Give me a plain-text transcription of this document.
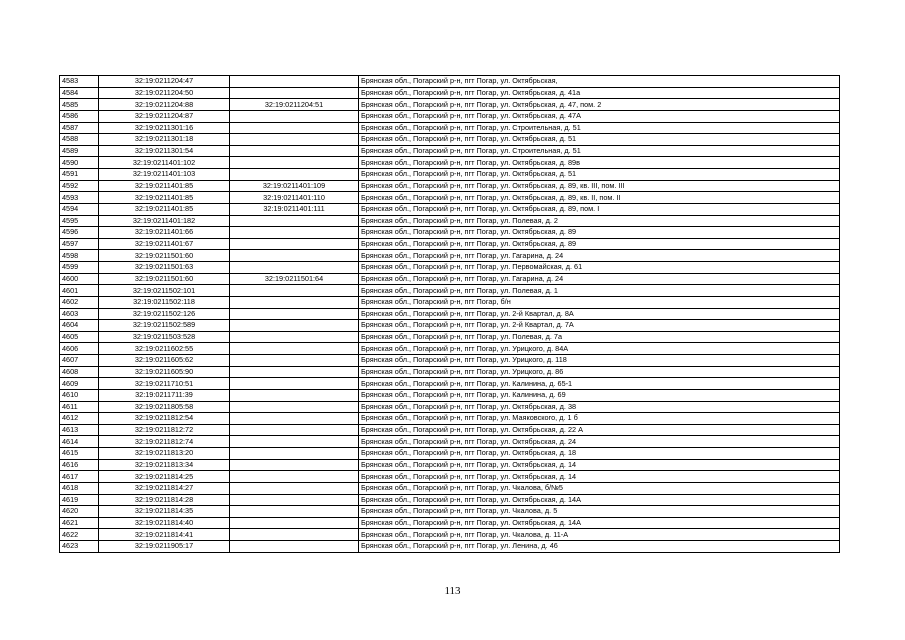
4583	32:19:0211204:47		Брянская обл., Погарский р-н, пгт Погар, ул. Октябрьская,
4584	32:19:0211204:50		Брянская обл., Погарский р-н, пгт Погар, ул. Октябрьская, д. 41а
4585	32:19:0211204:88	32:19:0211204:51	Брянская обл., Погарский р-н, пгт Погар, ул. Октябрьская, д. 47, пом. 2
4586	32:19:0211204:87		Брянская обл., Погарский р-н, пгт Погар, ул. Октябрьская, д. 47А
4587	32:19:0211301:16		Брянская обл., Погарский р-н, пгт Погар, ул. Строительная, д. 51
4588	32:19:0211301:18		Брянская обл., Погарский р-н, пгт Погар, ул. Октябрьская, д. 51
4589	32:19:0211301:54		Брянская обл., Погарский р-н, пгт Погар, ул. Строительная, д. 51
4590	32:19:0211401:102		Брянская обл., Погарский р-н, пгт Погар, ул. Октябрьская, д. 89в
4591	32:19:0211401:103		Брянская обл., Погарский р-н, пгт Погар, ул. Октябрьская, д. 51
4592	32:19:0211401:85	32:19:0211401:109	Брянская обл., Погарский р-н, пгт Погар, ул. Октябрьская, д. 89, кв. III, пом. III
4593	32:19:0211401:85	32:19:0211401:110	Брянская обл., Погарский р-н, пгт Погар, ул. Октябрьская, д. 89, кв. II, пом. II
4594	32:19:0211401:85	32:19:0211401:111	Брянская обл., Погарский р-н, пгт Погар, ул. Октябрьская, д. 89, пом. I
4595	32:19:0211401:182		Брянская обл., Погарский р-н, пгт Погар, ул. Полевая, д. 2
4596	32:19:0211401:66		Брянская обл., Погарский р-н, пгт Погар, ул. Октябрьская, д. 89
4597	32:19:0211401:67		Брянская обл., Погарский р-н, пгт Погар, ул. Октябрьская, д. 89
4598	32:19:0211501:60		Брянская обл., Погарский р-н, пгт Погар, ул. Гагарина, д. 24
4599	32:19:0211501:63		Брянская обл., Погарский р-н, пгт Погар, ул. Первомайская, д. 61
4600	32:19:0211501:60	32:19:0211501:64	Брянская обл., Погарский р-н, пгт Погар, ул. Гагарина, д. 24
4601	32:19:0211502:101		Брянская обл., Погарский р-н, пгт Погар, ул. Полевая, д. 1
4602	32:19:0211502:118		Брянская обл., Погарский р-н, пгт Погар, б/н
4603	32:19:0211502:126		Брянская обл., Погарский р-н, пгт Погар, ул. 2-й Квартал, д. 8А
4604	32:19:0211502:589		Брянская обл., Погарский р-н, пгт Погар, ул. 2-й Квартал, д. 7А
4605	32:19:0211503:528		Брянская обл., Погарский р-н, пгт Погар, ул. Полевая, д. 7а
4606	32:19:0211602:55		Брянская обл., Погарский р-н, пгт Погар, ул. Урицкого, д. 84А
4607	32:19:0211605:62		Брянская обл., Погарский р-н, пгт Погар, ул. Урицкого, д. 118
4608	32:19:0211605:90		Брянская обл., Погарский р-н, пгт Погар, ул. Урицкого, д. 86
4609	32:19:0211710:51		Брянская обл., Погарский р-н, пгт Погар, ул. Калинина, д. 65-1
4610	32:19:0211711:39		Брянская обл., Погарский р-н, пгт Погар, ул. Калинина, д. 69
4611	32:19:0211805:58		Брянская обл., Погарский р-н, пгт Погар, ул. Октябрьская, д. 38
4612	32:19:0211812:54		Брянская обл., Погарский р-н, пгт Погар, ул. Маяковского, д. 1 б
4613	32:19:0211812:72		Брянская обл., Погарский р-н, пгт Погар, ул. Октябрьская, д. 22 А
4614	32:19:0211812:74		Брянская обл., Погарский р-н, пгт Погар, ул. Октябрьская, д. 24
4615	32:19:0211813:20		Брянская обл., Погарский р-н, пгт Погар, ул. Октябрьская, д. 18
4616	32:19:0211813:34		Брянская обл., Погарский р-н, пгт Погар, ул. Октябрьская, д. 14
4617	32:19:0211814:25		Брянская обл., Погарский р-н, пгт Погар, ул. Октябрьская, д. 14
4618	32:19:0211814:27		Брянская обл., Погарский р-н, пгт Погар, ул. Чкалова, б/№5
4619	32:19:0211814:28		Брянская обл., Погарский р-н, пгт Погар, ул. Октябрьская, д. 14А
4620	32:19:0211814:35		Брянская обл., Погарский р-н, пгт Погар, ул. Чкалова, д. 5
4621	32:19:0211814:40		Брянская обл., Погарский р-н, пгт Погар, ул. Октябрьская, д. 14А
4622	32:19:0211814:41		Брянская обл., Погарский р-н, пгт Погар, ул. Чкалова, д. 11-А
4623	32:19:0211905:17		Брянская обл., Погарский р-н, пгт Погар, ул. Ленина, д. 46
113
